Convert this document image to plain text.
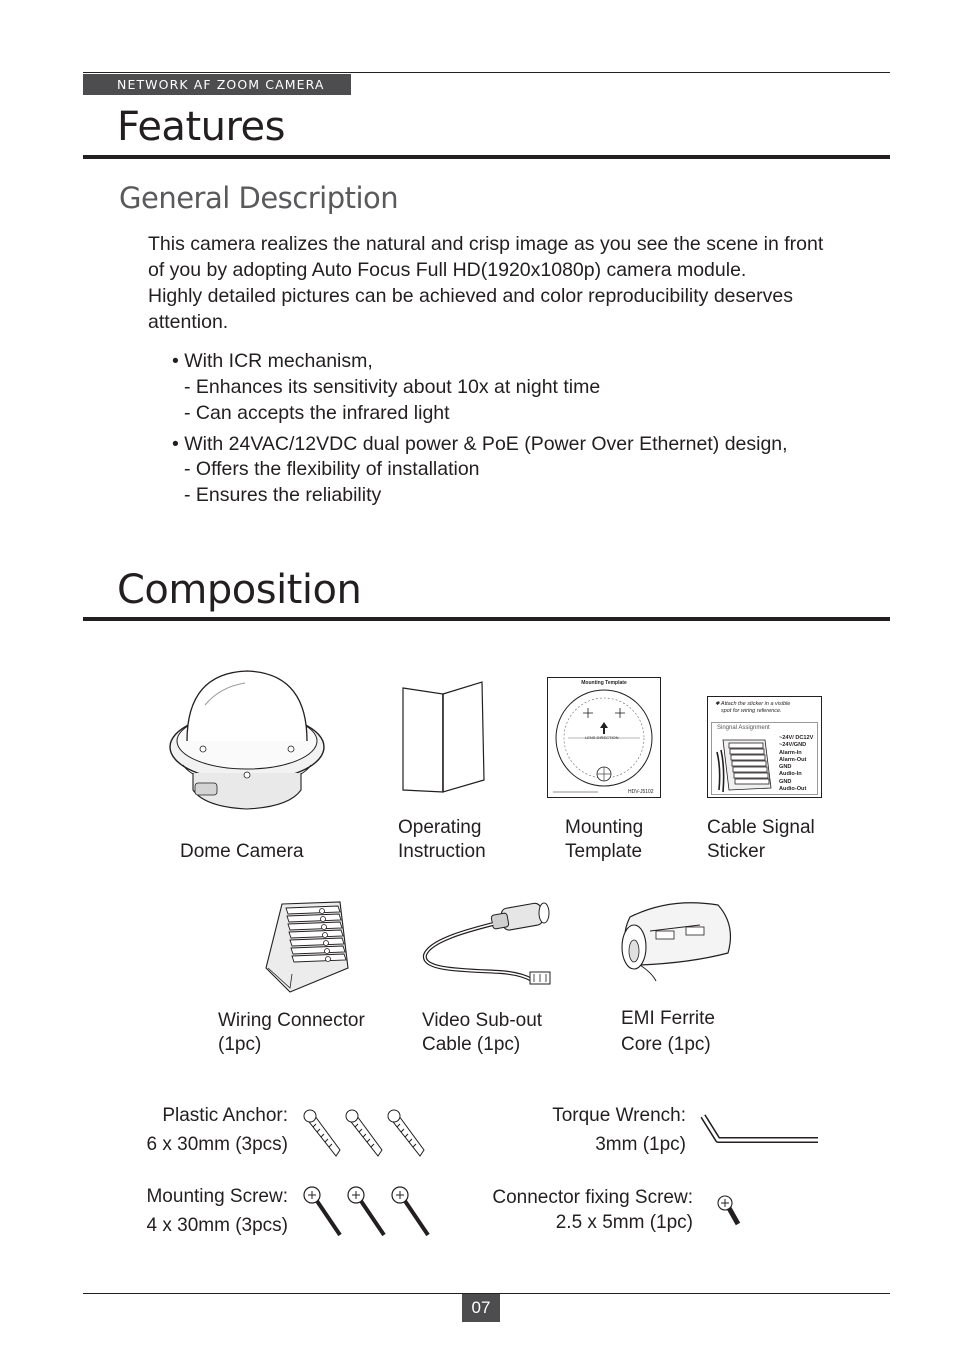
NETWORK AF ZOOM CAMERA
Features
General Description
This camera realizes the natural and crisp image as you see the scene in front
of you by adopting Auto Focus Full HD(1920x1080p) camera module.
Highly detailed pictures can be achieved and color reproducibility deserves
attention.
• With ICR mechanism,
- Enhances its sensitivity about 10x at night time
- Can accepts the infrared light
• With 24VAC/12VDC dual power & PoE (Power Over Ethernet) design,
- Offers the flexibility of installation
- Ensures the reliability
Composition
Mounting Template
LENS DIRECTION
HDV-J5102
✱ Attach the sticker in a visible
spot for wiring reference.
Singnal Assignment
~24V/ DC12V
~24V/GND
Alarm-In
Alarm-Out
GND
Audio-In
GND
Audio-Out
Dome Camera
Operating
Instruction
Mounting
Template
Cable Signal
Sticker
Wiring Connector
(1pc)
Video Sub-out
Cable (1pc)
EMI Ferrite
Core (1pc)
Plastic Anchor:
6 x 30mm (3pcs)
Mounting Screw:
4 x 30mm (3pcs)
Torque Wrench:
3mm (1pc)
Connector fixing Screw:
2.5 x 5mm (1pc)
07
